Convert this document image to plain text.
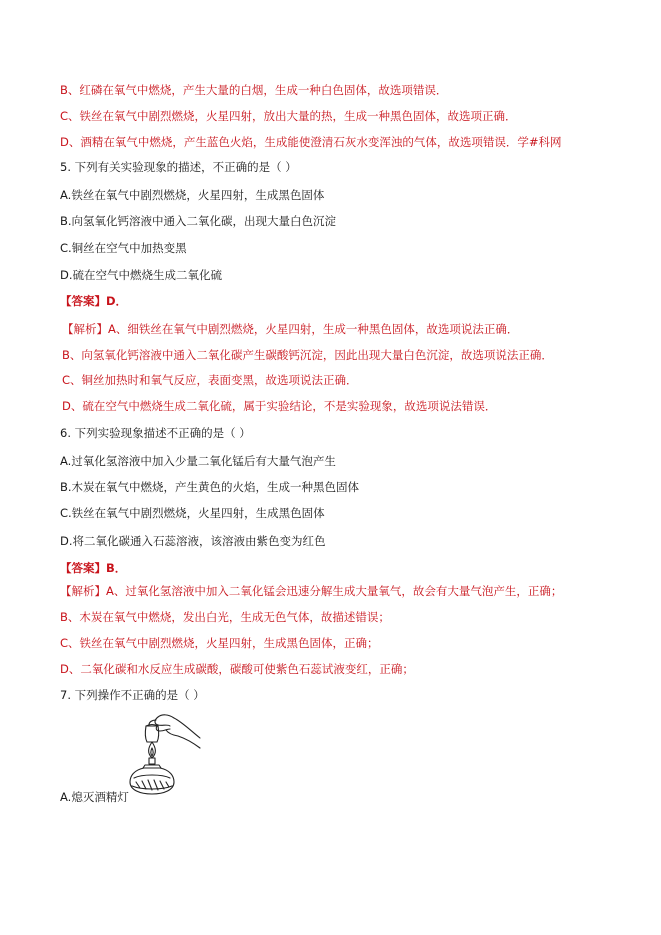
B、红磷在氧气中燃烧，产生大量的白烟，生成一种白色固体，故选项错误．
C、铁丝在氧气中剧烈燃烧，火星四射，放出大量的热，生成一种黑色固体，故选项正确．
D、酒精在氧气中燃烧，产生蓝色火焰，生成能使澄清石灰水变浑浊的气体，故选项错误．学#科网
5. 下列有关实验现象的描述，不正确的是（ ）
A.铁丝在氧气中剧烈燃烧，火星四射，生成黑色固体
B.向氢氧化钙溶液中通入二氧化碳，出现大量白色沉淀
C.铜丝在空气中加热变黑
D.硫在空气中燃烧生成二氧化硫
【答案】D．
【解析】A、细铁丝在氧气中剧烈燃烧，火星四射，生成一种黑色固体，故选项说法正确．
B、向氢氧化钙溶液中通入二氧化碳产生碳酸钙沉淀，因此出现大量白色沉淀，故选项说法正确．
C、铜丝加热时和氧气反应，表面变黑，故选项说法正确．
D、硫在空气中燃烧生成二氧化硫，属于实验结论，不是实验现象，故选项说法错误．
6. 下列实验现象描述不正确的是（ ）
A.过氧化氢溶液中加入少量二氧化锰后有大量气泡产生
B.木炭在氧气中燃烧，产生黄色的火焰，生成一种黑色固体
C.铁丝在氧气中剧烈燃烧，火星四射，生成黑色固体
D.将二氧化碳通入石蕊溶液，该溶液由紫色变为红色
【答案】B．
【解析】A、过氧化氢溶液中加入二氧化锰会迅速分解生成大量氧气，故会有大量气泡产生，正确；
B、木炭在氧气中燃烧，发出白光，生成无色气体，故描述错误；
C、铁丝在氧气中剧烈燃烧，火星四射，生成黑色固体，正确；
D、二氧化碳和水反应生成碳酸，碳酸可使紫色石蕊试液变红，正确；
7. 下列操作不正确的是（ ）
A.熄灭酒精灯
